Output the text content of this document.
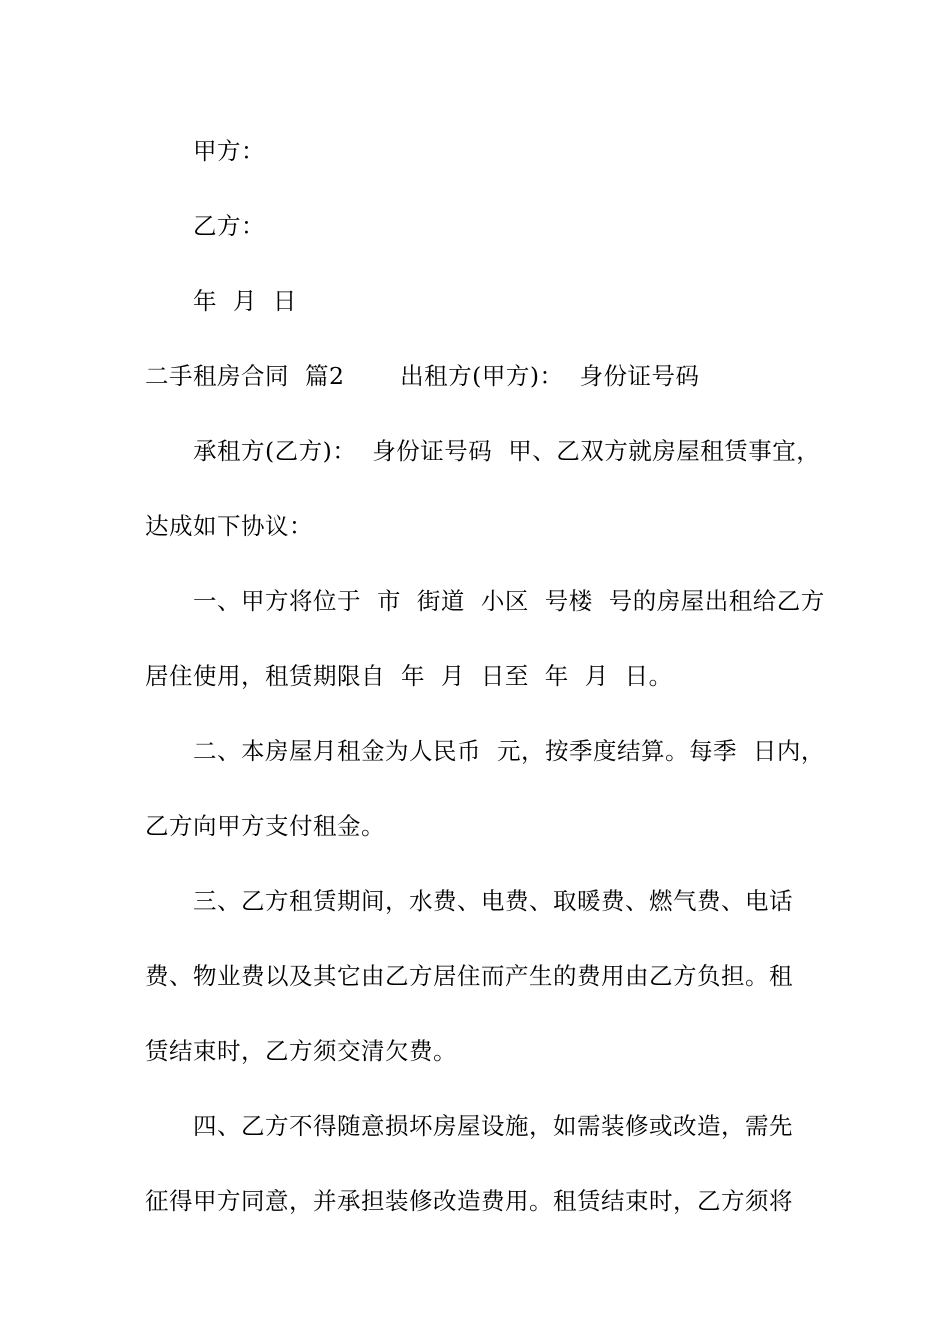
甲方：
乙方：
年  月  日
二手租房合同  篇2       出租方(甲方)：  身份证号码
承租方(乙方)：  身份证号码  甲、乙双方就房屋租赁事宜，
达成如下协议：
一、甲方将位于  市  街道  小区  号楼  号的房屋出租给乙方
居住使用，租赁期限自  年  月  日至  年  月  日。
二、本房屋月租金为人民币  元，按季度结算。每季  日内，
乙方向甲方支付租金。
三、乙方租赁期间，水费、电费、取暖费、燃气费、电话
费、物业费以及其它由乙方居住而产生的费用由乙方负担。租
赁结束时，乙方须交清欠费。
四、乙方不得随意损坏房屋设施，如需装修或改造，需先
征得甲方同意，并承担装修改造费用。租赁结束时，乙方须将
